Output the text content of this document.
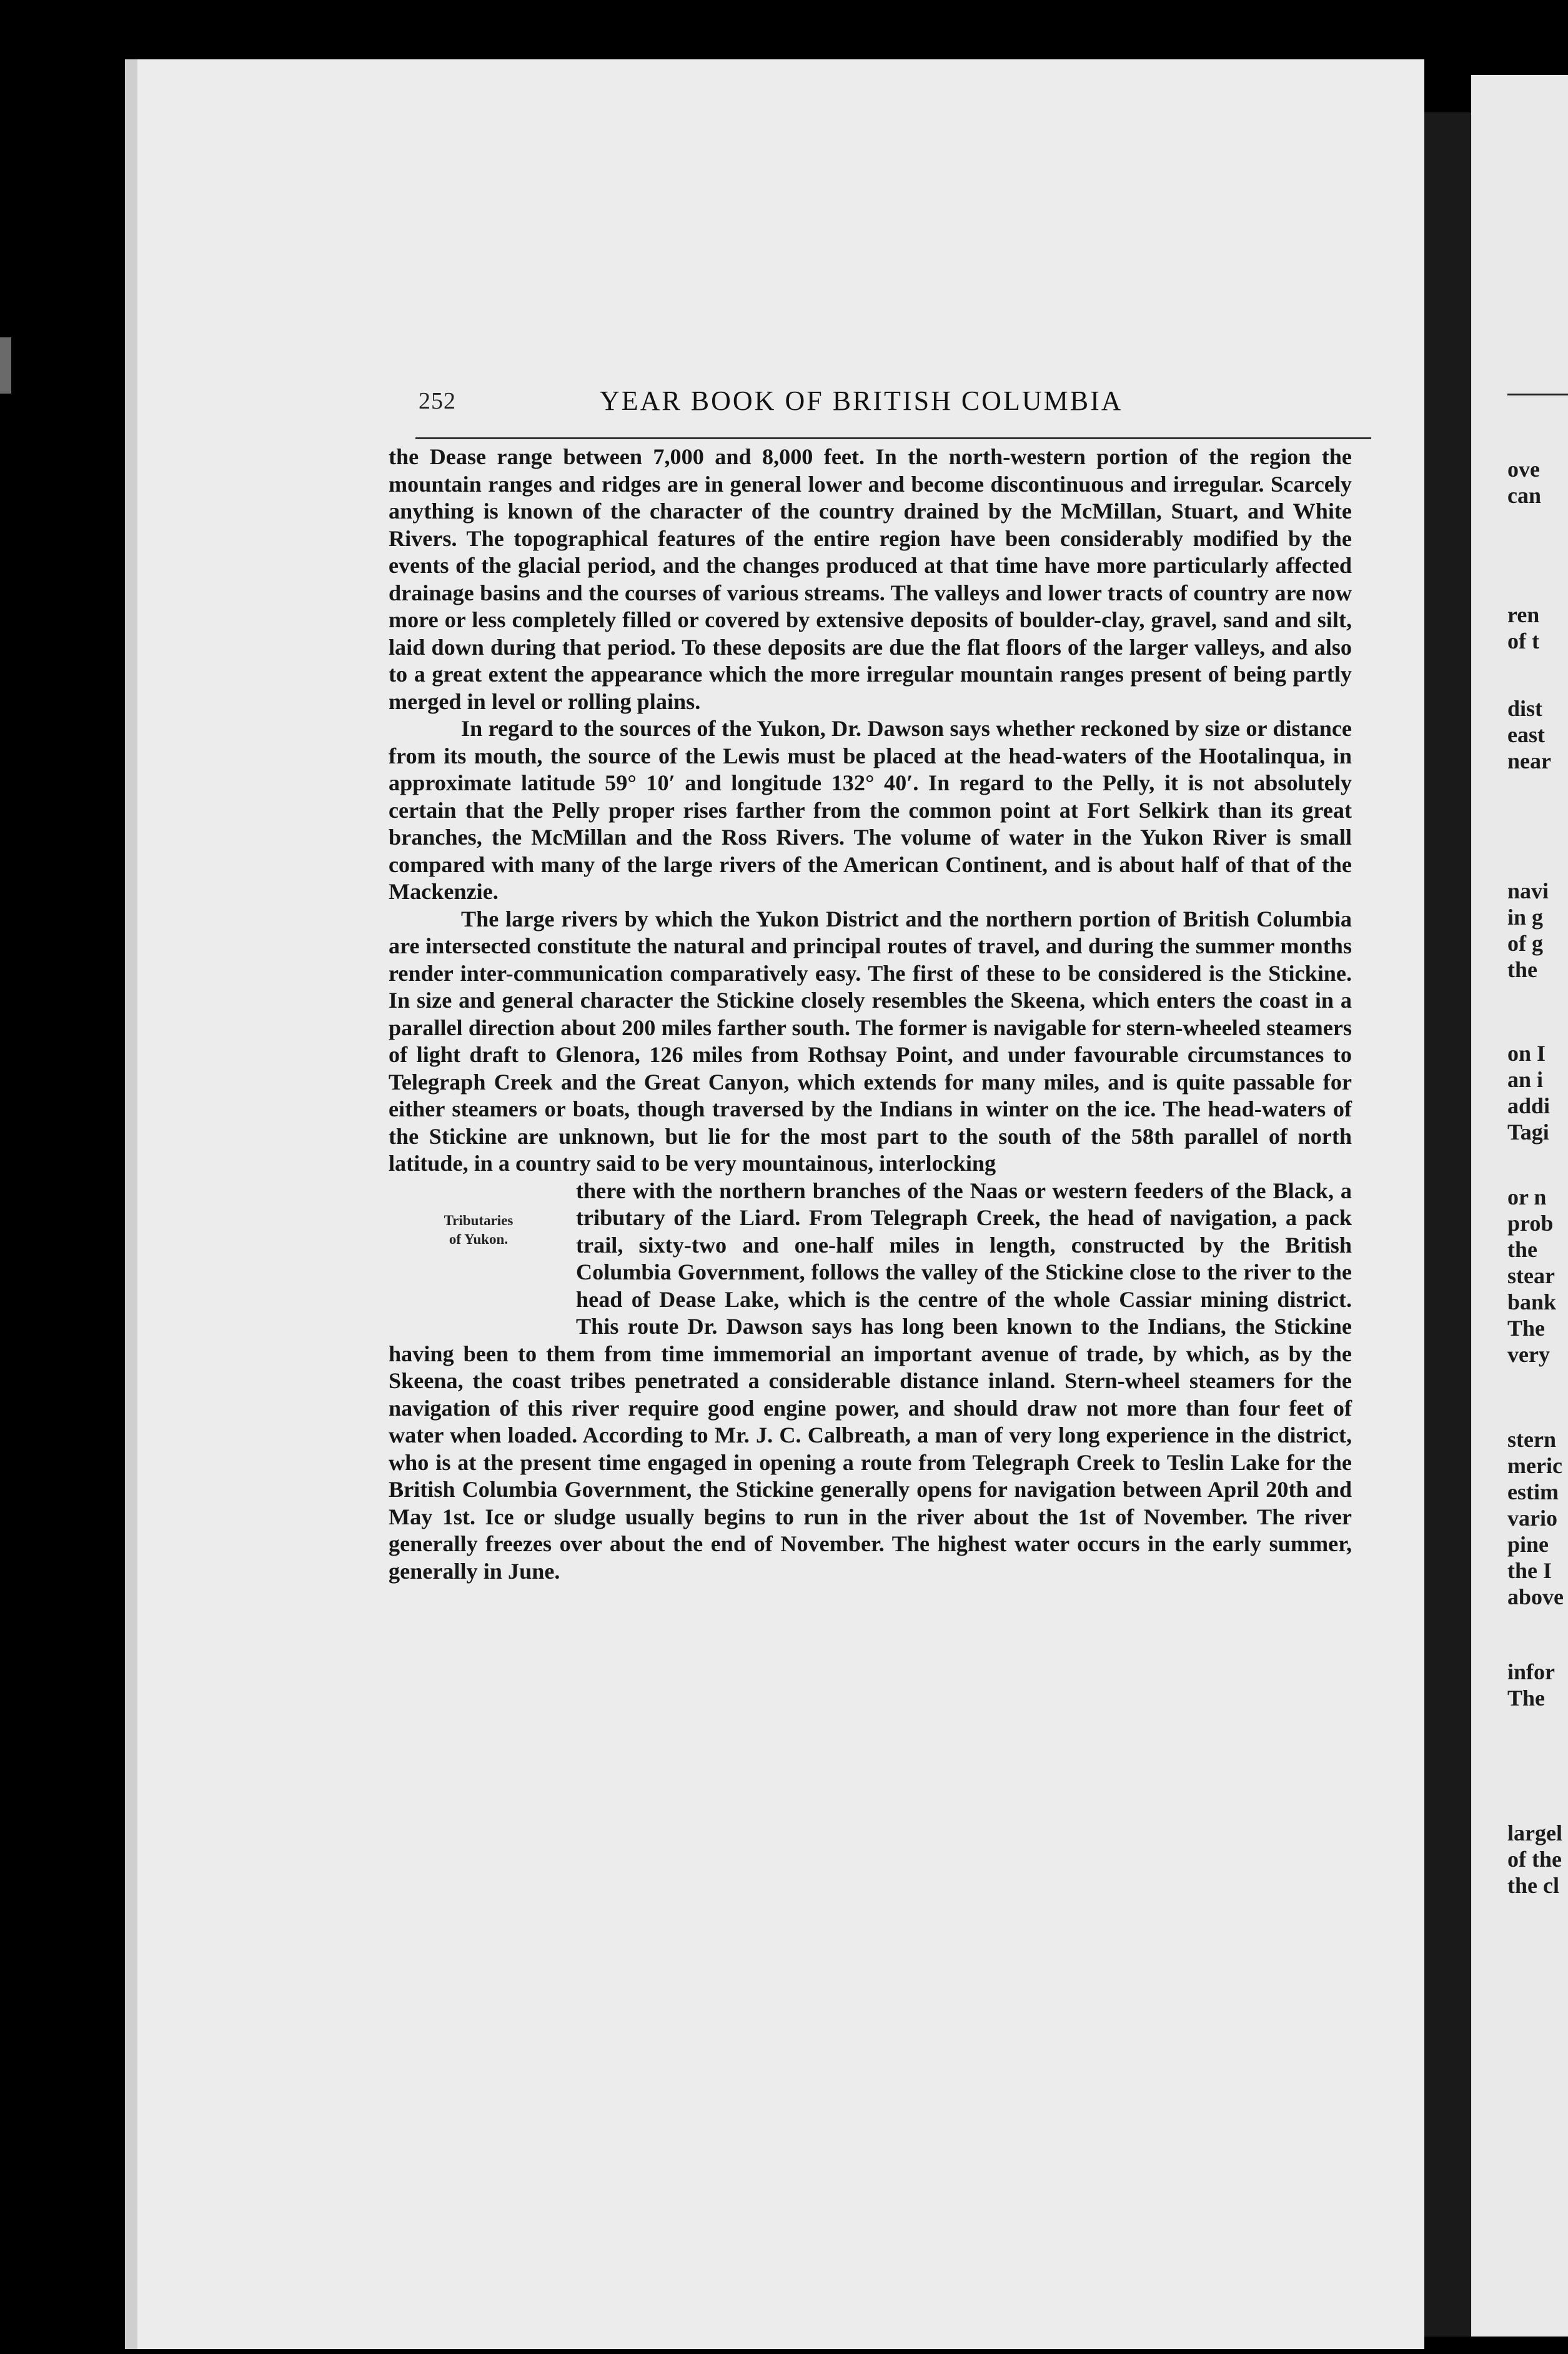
ove
can
ren
of t
dist
east
near
navi
in g
of g
the
on I
an i
addi
Tagi
or n
prob
the
stear
bank
The
very
stern
meric
estim
vario
pine
the I
above
infor
The
largel
of the
the cl
252	YEAR BOOK OF BRITISH COLUMBIA

the Dease range between 7,000 and 8,000 feet. In the north-western portion of the region the mountain ranges and ridges are in general lower and become discontinuous and irregular. Scarcely anything is known of the character of the country drained by the McMillan, Stuart, and White Rivers. The topographical features of the entire region have been considerably modified by the events of the glacial period, and the changes produced at that time have more particularly affected drainage basins and the courses of various streams. The valleys and lower tracts of country are now more or less completely filled or covered by extensive deposits of boulder-clay, gravel, sand and silt, laid down during that period. To these deposits are due the flat floors of the larger valleys, and also to a great extent the appearance which the more irregular mountain ranges present of being partly merged in level or rolling plains.

In regard to the sources of the Yukon, Dr. Dawson says whether reckoned by size or distance from its mouth, the source of the Lewis must be placed at the head-waters of the Hootalinqua, in approximate latitude 59° 10′ and longitude 132° 40′. In regard to the Pelly, it is not absolutely certain that the Pelly proper rises farther from the common point at Fort Selkirk than its great branches, the McMillan and the Ross Rivers. The volume of water in the Yukon River is small compared with many of the large rivers of the American Continent, and is about half of that of the Mackenzie.

The large rivers by which the Yukon District and the northern portion of British Columbia are intersected constitute the natural and principal routes of travel, and during the summer months render inter-communication comparatively easy. The first of these to be considered is the Stickine. In size and general character the Stickine closely resembles the Skeena, which enters the coast in a parallel direction about 200 miles farther south. The former is navigable for stern-wheeled steamers of light draft to Glenora, 126 miles from Rothsay Point, and under favourable circumstances to Telegraph Creek and the Great Canyon, which extends for many miles, and is quite passable for either steamers or boats, though traversed by the Indians in winter on the ice. The head-waters of the Stickine are unknown, but lie for the most part to the south of the 58th parallel of north latitude, in a country said to be very mountainous, interlocking

Tributaries
of Yukon.

there with the northern branches of the Naas or western feeders of the Black, a tributary of the Liard. From Telegraph Creek, the head of navigation, a pack trail, sixty-two and one-half miles in length, constructed by the British Columbia Government, follows the valley of the Stickine close to the river to the head of Dease Lake, which is the centre of the whole Cassiar mining district. This route Dr. Dawson says has long been known to the Indians, the Stickine having been to them from time immemorial an important avenue of trade, by which, as by the Skeena, the coast tribes penetrated a considerable distance inland. Stern-wheel steamers for the navigation of this river require good engine power, and should draw not more than four feet of water when loaded. According to Mr. J. C. Calbreath, a man of very long experience in the district, who is at the present time engaged in opening a route from Telegraph Creek to Teslin Lake for the British Columbia Government, the Stickine generally opens for navigation between April 20th and May 1st. Ice or sludge usually begins to run in the river about the 1st of November. The river generally freezes over about the end of November. The highest water occurs in the early summer, generally in June.
